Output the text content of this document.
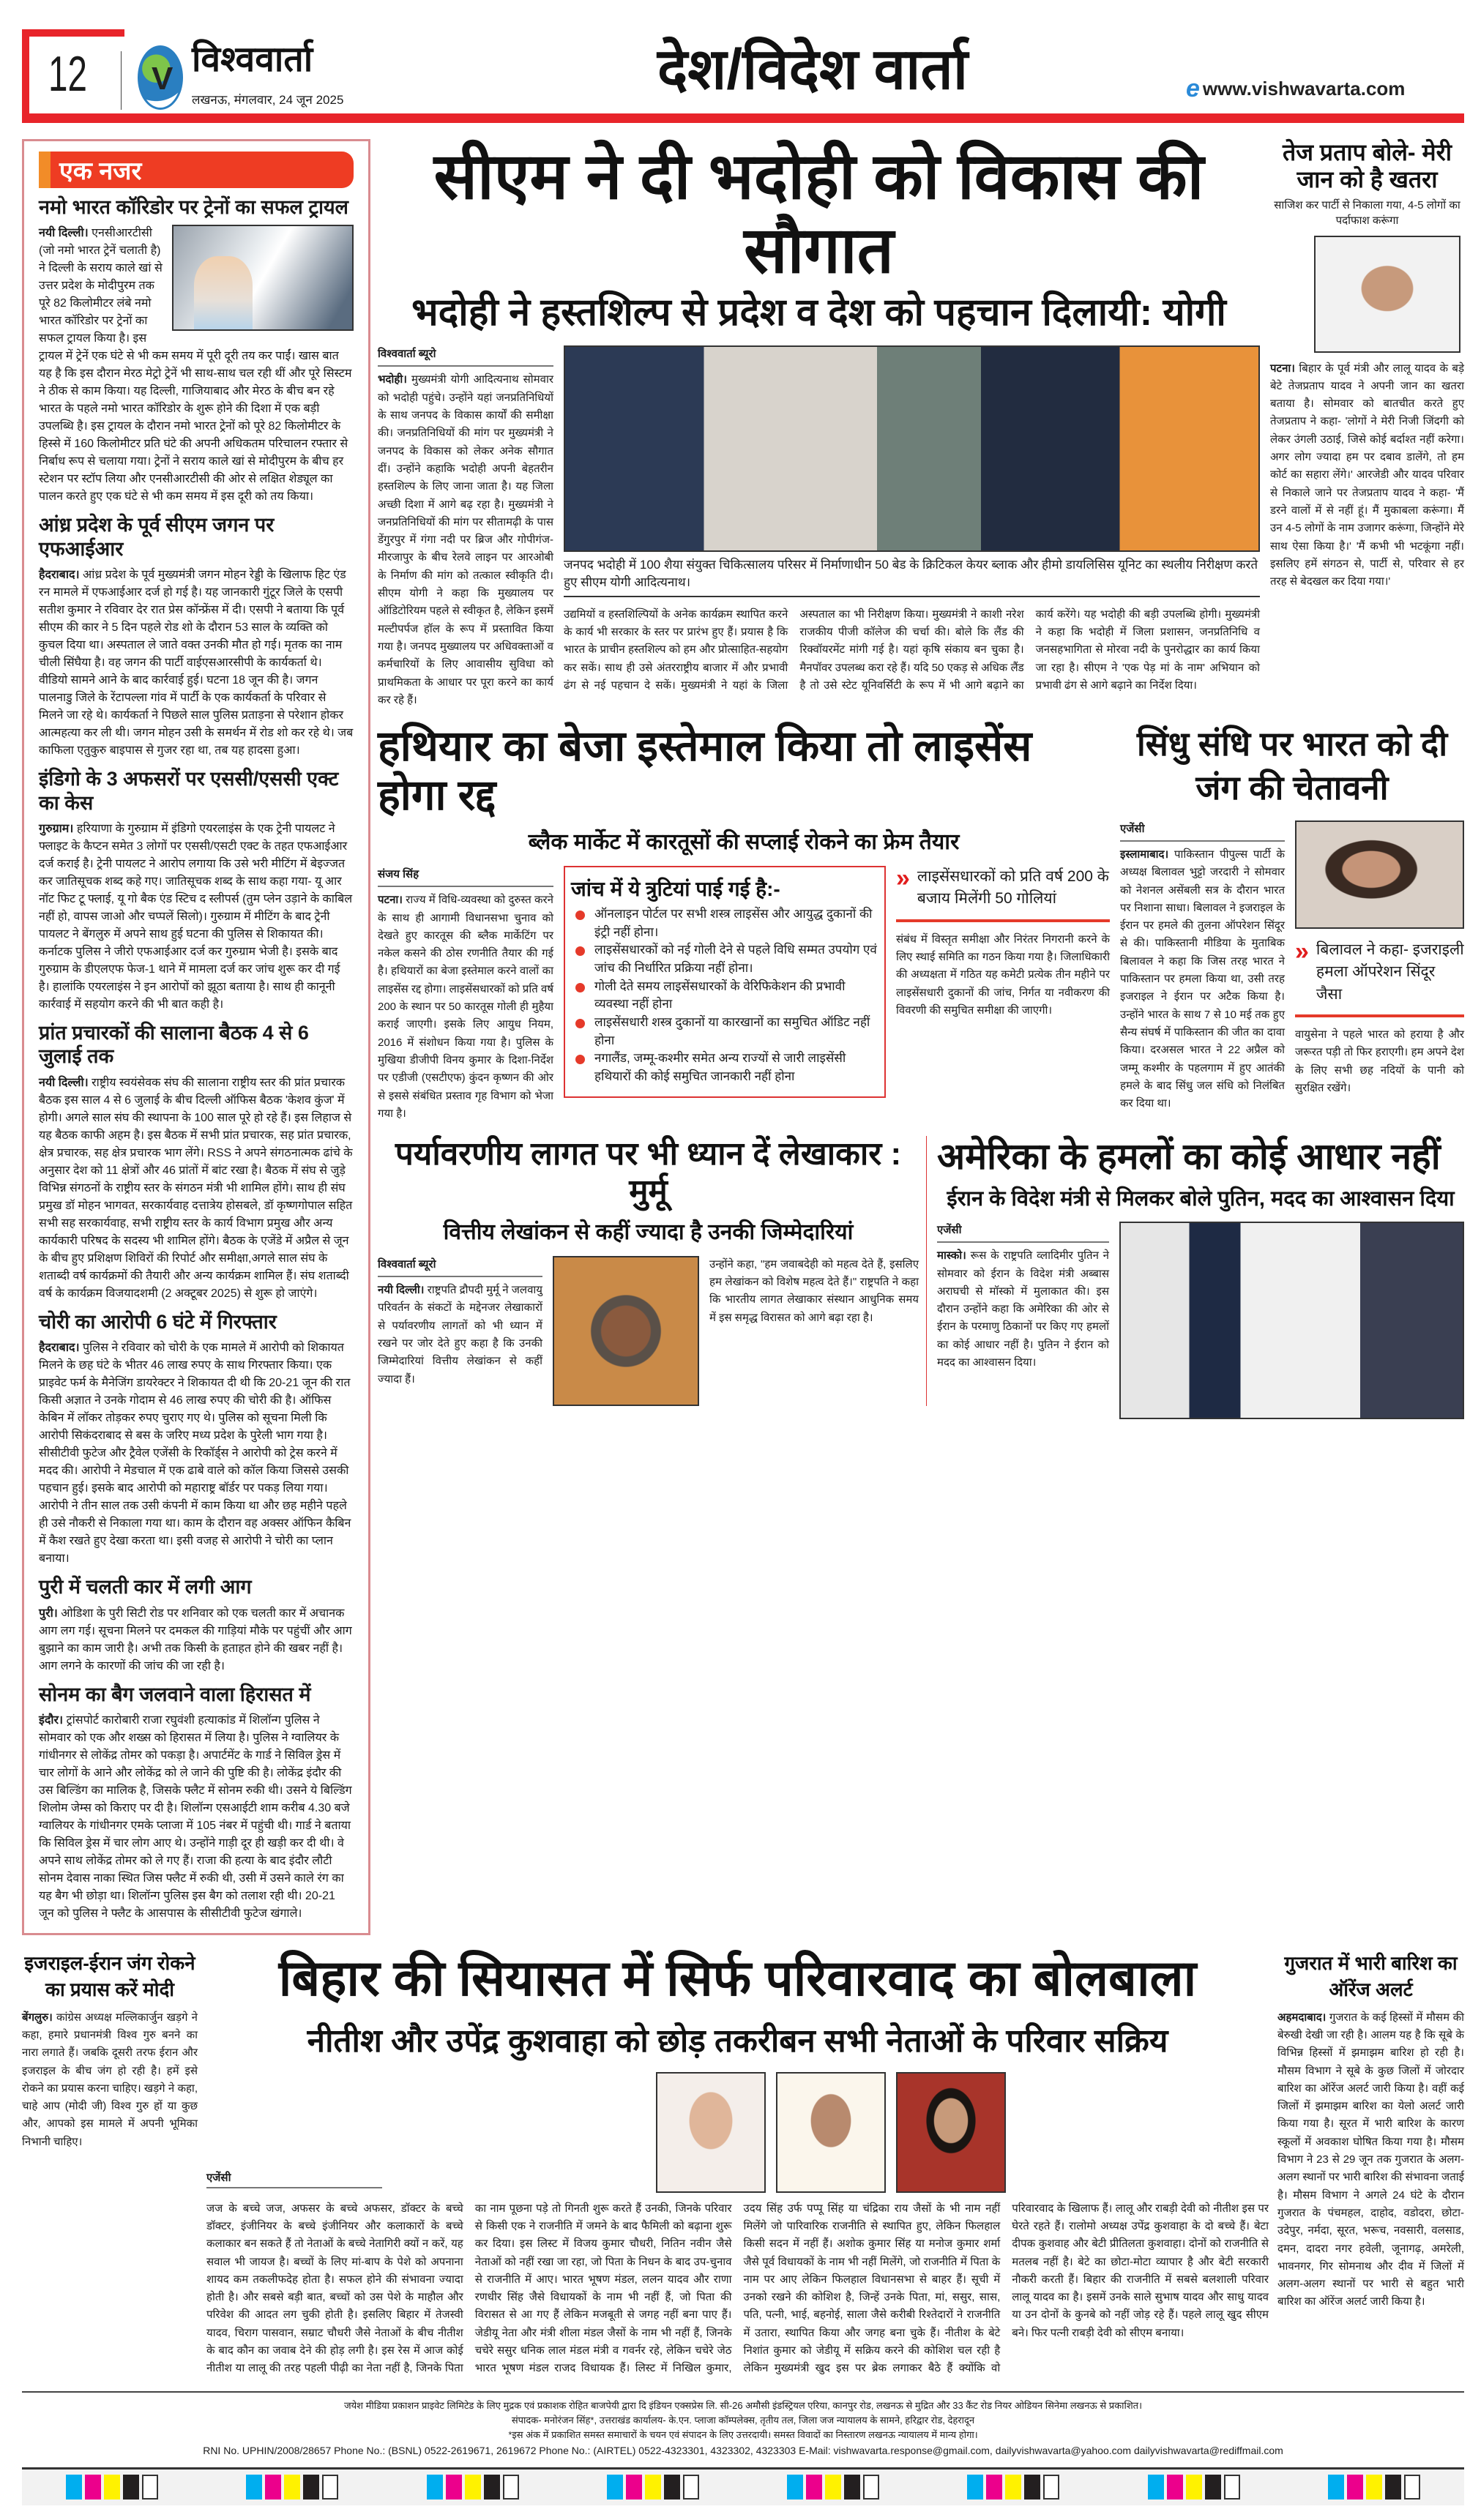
12 V विश्ववार्ता
लखनऊ, मंगलवार, 24 जून 2025	देश/विदेश वार्ता	e www.vishwavarta.com
एक नजर
नमो भारत कॉरिडोर पर ट्रेनों का सफल ट्रायल

नयी दिल्ली। एनसीआरटीसी (जो नमो भारत ट्रेनें चलाती है) ने दिल्ली के सराय काले खां से उत्तर प्रदेश के मोदीपुरम तक पूरे 82 किलोमीटर लंबे नमो भारत कॉरिडोर पर ट्रेनों का सफल ट्रायल किया है। इस ट्रायल में ट्रेनें एक घंटे से भी कम समय में पूरी दूरी तय कर पाईं। खास बात यह है कि इस दौरान मेरठ मेट्रो ट्रेनें भी साथ-साथ चल रही थीं और पूरे सिस्टम ने ठीक से काम किया। यह दिल्ली, गाजियाबाद और मेरठ के बीच बन रहे भारत के पहले नमो भारत कॉरिडोर के शुरू होने की दिशा में एक बड़ी उपलब्धि है। इस ट्रायल के दौरान नमो भारत ट्रेनों को पूरे 82 किलोमीटर के हिस्से में 160 किलोमीटर प्रति घंटे की अपनी अधिकतम परिचालन रफ्तार से निर्बाध रूप से चलाया गया। ट्रेनों ने सराय काले खां से मोदीपुरम के बीच हर स्टेशन पर स्टॉप लिया और एनसीआरटीसी की ओर से लक्षित शेड्यूल का पालन करते हुए एक घंटे से भी कम समय में इस दूरी को तय किया।

आंध्र प्रदेश के पूर्व सीएम जगन पर एफआईआर

हैदराबाद। आंध्र प्रदेश के पूर्व मुख्यमंत्री जगन मोहन रेड्डी के खिलाफ हिट एंड रन मामले में एफआईआर दर्ज हो गई है। यह जानकारी गुंटूर जिले के एसपी सतीश कुमार ने रविवार देर रात प्रेस कॉन्फ्रेंस में दी। एसपी ने बताया कि पूर्व सीएम की कार ने 5 दिन पहले रोड शो के दौरान 53 साल के व्यक्ति को कुचल दिया था। अस्पताल ले जाते वक्त उनकी मौत हो गई। मृतक का नाम चीली सिंघैया है। वह जगन की पार्टी वाईएसआरसीपी के कार्यकर्ता थे। वीडियो सामने आने के बाद कार्रवाई हुई। घटना 18 जून की है। जगन पालनाडु जिले के रेंटापल्ला गांव में पार्टी के एक कार्यकर्ता के परिवार से मिलने जा रहे थे। कार्यकर्ता ने पिछले साल पुलिस प्रताड़ना से परेशान होकर आत्महत्या कर ली थी। जगन मोहन उसी के समर्थन में रोड शो कर रहे थे। जब काफिला एतुकुरु बाइपास से गुजर रहा था, तब यह हादसा हुआ।

इंडिगो के 3 अफसरों पर एससी/एससी एक्ट का केस

गुरुग्राम। हरियाणा के गुरुग्राम में इंडिगो एयरलाइंस के एक ट्रेनी पायलट ने फ्लाइट के कैप्टन समेत 3 लोगों पर एससी/एसटी एक्ट के तहत एफआईआर दर्ज कराई है। ट्रेनी पायलट ने आरोप लगाया कि उसे भरी मीटिंग में बेइज्जत कर जातिसूचक शब्द कहे गए। जातिसूचक शब्द के साथ कहा गया- यू आर नॉट फिट टू फ्लाई, यू गो बैक एंड स्टिच द स्लीपर्स (तुम प्लेन उड़ाने के काबिल नहीं हो, वापस जाओ और चप्पलें सिलो)। गुरुग्राम में मीटिंग के बाद ट्रेनी पायलट ने बेंगलुरु में अपने साथ हुई घटना की पुलिस से शिकायत की। कर्नाटक पुलिस ने जीरो एफआईआर दर्ज कर गुरुग्राम भेजी है। इसके बाद गुरुग्राम के डीएलएफ फेज-1 थाने में मामला दर्ज कर जांच शुरू कर दी गई है। हालांकि एयरलाइंस ने इन आरोपों को झूठा बताया है। साथ ही कानूनी कार्रवाई में सहयोग करने की भी बात कही है।

प्रांत प्रचारकों की सालाना बैठक 4 से 6 जुलाई तक

नयी दिल्ली। राष्ट्रीय स्वयंसेवक संघ की सालाना राष्ट्रीय स्तर की प्रांत प्रचारक बैठक इस साल 4 से 6 जुलाई के बीच दिल्ली ऑफिस बैठक 'केशव कुंज' में होगी। अगले साल संघ की स्थापना के 100 साल पूरे हो रहे हैं। इस लिहाज से यह बैठक काफी अहम है। इस बैठक में सभी प्रांत प्रचारक, सह प्रांत प्रचारक, क्षेत्र प्रचारक, सह क्षेत्र प्रचारक भाग लेंगे। RSS ने अपने संगठनात्मक ढांचे के अनुसार देश को 11 क्षेत्रों और 46 प्रांतों में बांट रखा है। बैठक में संघ से जुड़े विभिन्न संगठनों के राष्ट्रीय स्तर के संगठन मंत्री भी शामिल होंगे। साथ ही संघ प्रमुख डॉ मोहन भागवत, सरकार्यवाह दत्तात्रेय होसबले, डॉ कृष्णगोपाल सहित सभी सह सरकार्यवाह, सभी राष्ट्रीय स्तर के कार्य विभाग प्रमुख और अन्य कार्यकारी परिषद के सदस्य भी शामिल होंगे। बैठक के एजेंडे में अप्रैल से जून के बीच हुए प्रशिक्षण शिविरों की रिपोर्ट और समीक्षा,अगले साल संघ के शताब्दी वर्ष कार्यक्रमों की तैयारी और अन्य कार्यक्रम शामिल हैं। संघ शताब्दी वर्ष के कार्यक्रम विजयादशमी (2 अक्टूबर 2025) से शुरू हो जाएंगे।

चोरी का आरोपी 6 घंटे में गिरफ्तार

हैदराबाद। पुलिस ने रविवार को चोरी के एक मामले में आरोपी को शिकायत मिलने के छह घंटे के भीतर 46 लाख रुपए के साथ गिरफ्तार किया। एक प्राइवेट फर्म के मैनेजिंग डायरेक्टर ने शिकायत दी थी कि 20-21 जून की रात किसी अज्ञात ने उनके गोदाम से 46 लाख रुपए की चोरी की है। ऑफिस केबिन में लॉकर तोड़कर रुपए चुराए गए थे। पुलिस को सूचना मिली कि आरोपी सिकंदराबाद से बस के जरिए मध्य प्रदेश के पुरेली भाग गया है। सीसीटीवी फुटेज और ट्रैवेल एजेंसी के रिकॉर्ड्स ने आरोपी को ट्रेस करने में मदद की। आरोपी ने मेडचाल में एक ढाबे वाले को कॉल किया जिससे उसकी पहचान हुई। इसके बाद आरोपी को महाराष्ट्र बॉर्डर पर पकड़ लिया गया। आरोपी ने तीन साल तक उसी कंपनी में काम किया था और छह महीने पहले ही उसे नौकरी से निकाला गया था। काम के दौरान वह अक्सर ऑफिन कैबिन में कैश रखते हुए देखा करता था। इसी वजह से आरोपी ने चोरी का प्लान बनाया।

पुरी में चलती कार में लगी आग

पुरी। ओडिशा के पुरी सिटी रोड पर शनिवार को एक चलती कार में अचानक आग लग गई। सूचना मिलने पर दमकल की गाड़ियां मौके पर पहुंचीं और आग बुझाने का काम जारी है। अभी तक किसी के हताहत होने की खबर नहीं है। आग लगने के कारणों की जांच की जा रही है।

सोनम का बैग जलवाने वाला हिरासत में

इंदौर। ट्रांसपोर्ट कारोबारी राजा रघुवंशी हत्याकांड में शिलॉन्ग पुलिस ने सोमवार को एक और शख्स को हिरासत में लिया है। पुलिस ने ग्वालियर के गांधीनगर से लोकेंद्र तोमर को पकड़ा है। अपार्टमेंट के गार्ड ने सिविल ड्रेस में चार लोगों के आने और लोकेंद्र को ले जाने की पुष्टि की है। लोकेंद्र इंदौर की उस बिल्डिंग का मालिक है, जिसके फ्लैट में सोनम रुकी थी। उसने ये बिल्डिंग शिलोम जेम्स को किराए पर दी है। शिलॉन्ग एसआईटी शाम करीब 4.30 बजे ग्वालियर के गांधीनगर एमके प्लाजा में 105 नंबर में पहुंची थी। गार्ड ने बताया कि सिविल ड्रेस में चार लोग आए थे। उन्होंने गाड़ी दूर ही खड़ी कर दी थी। वे अपने साथ लोकेंद्र तोमर को ले गए हैं। राजा की हत्या के बाद इंदौर लौटी सोनम देवास नाका स्थित जिस फ्लैट में रुकी थी, उसी में उसने काले रंग का यह बैग भी छोड़ा था। शिलॉन्ग पुलिस इस बैग को तलाश रही थी। 20-21 जून को पुलिस ने फ्लैट के आसपास के सीसीटीवी फुटेज खंगाले।

सीएम ने दी भदोही को विकास की सौगात
भदोही ने हस्तशिल्प से प्रदेश व देश को पहचान दिलायी: योगी
विश्ववार्ता ब्यूरो
भदोही। मुख्यमंत्री योगी आदित्यनाथ सोमवार को भदोही पहुंचे। उन्होंने यहां जनप्रतिनिधियों के साथ जनपद के विकास कार्यों की समीक्षा की। जनप्रतिनिधियों की मांग पर मुख्यमंत्री ने जनपद के विकास को लेकर अनेक सौगात दीं। उन्होंने कहाकि भदोही अपनी बेहतरीन हस्तशिल्प के लिए जाना जाता है। यह जिला अच्छी दिशा में आगे बढ़ रहा है। मुख्यमंत्री ने जनप्रतिनिधियों की मांग पर सीतामढ़ी के पास डेंगुरपुर में गंगा नदी पर ब्रिज और गोपीगंज-मीरजापुर के बीच रेलवे लाइन पर आरओबी के निर्माण की मांग को तत्काल स्वीकृति दी। सीएम योगी ने कहा कि मुख्यालय पर ऑडिटोरियम पहले से स्वीकृत है, लेकिन इसमें मल्टीपर्पज हॉल के रूप में प्रस्तावित किया गया है। जनपद मुख्यालय पर अधिवक्ताओं व कर्मचारियों के लिए आवासीय सुविधा को प्राथमिकता के आधार पर पूरा करने का कार्य कर रहे हैं।
जनपद भदोही में 100 शैया संयुक्त चिकित्सालय परिसर में निर्माणाधीन 50 बेड के क्रिटिकल केयर ब्लाक और हीमो डायलिसिस यूनिट का स्थलीय निरीक्षण करते हुए सीएम योगी आदित्यनाथ।
उद्यमियों व हस्तशिल्पियों के अनेक कार्यक्रम स्थापित करने के कार्य भी सरकार के स्तर पर प्रारंभ हुए हैं। प्रयास है कि भारत के प्राचीन हस्तशिल्प को हम और प्रोत्साहित-सहयोग कर सकें। साथ ही उसे अंतरराष्ट्रीय बाजार में और प्रभावी ढंग से नई पहचान दे सकें। मुख्यमंत्री ने यहां के जिला अस्पताल का भी निरीक्षण किया। मुख्यमंत्री ने काशी नरेश राजकीय पीजी कॉलेज की चर्चा की। बोले कि लैंड की रिक्वॉयरमेंट मांगी गई है। यहां कृषि संकाय बन चुका है। मैनपॉवर उपलब्ध करा रहे हैं। यदि 50 एकड़ से अधिक लैंड है तो उसे स्टेट यूनिवर्सिटी के रूप में भी आगे बढ़ाने का कार्य करेंगे। यह भदोही की बड़ी उपलब्धि होगी। मुख्यमंत्री ने कहा कि भदोही में जिला प्रशासन, जनप्रतिनिधि व जनसहभागिता से मोरवा नदी के पुनरोद्धार का कार्य किया जा रहा है। सीएम ने 'एक पेड़ मां के नाम' अभियान को प्रभावी ढंग से आगे बढ़ाने का निर्देश दिया।
तेज प्रताप बोले- मेरी जान को है खतरा
साजिश कर पार्टी से निकाला गया, 4-5 लोगों का पर्दाफाश करूंगा
पटना। बिहार के पूर्व मंत्री और लालू यादव के बड़े बेटे तेजप्रताप यादव ने अपनी जान का खतरा बताया है। सोमवार को बातचीत करते हुए तेजप्रताप ने कहा- 'लोगों ने मेरी निजी जिंदगी को लेकर उंगली उठाई, जिसे कोई बर्दाश्त नहीं करेगा। अगर लोग ज्यादा हम पर दबाव डालेंगे, तो हम कोर्ट का सहारा लेंगे।' आरजेडी और यादव परिवार से निकाले जाने पर तेजप्रताप यादव ने कहा- 'मैं डरने वालों में से नहीं हूं। मैं मुकाबला करूंगा। मैं उन 4-5 लोगों के नाम उजागर करूंगा, जिन्होंने मेरे साथ ऐसा किया है।' 'मैं कभी भी भटकूंगा नहीं। इसलिए हमें संगठन से, पार्टी से, परिवार से हर तरह से बेदखल कर दिया गया।'
हथियार का बेजा इस्तेमाल किया तो लाइसेंस होगा रद्द
ब्लैक मार्केट में कारतूसों की सप्लाई रोकने का फ्रेम तैयार
संजय सिंह
पटना। राज्य में विधि-व्यवस्था को दुरुस्त करने के साथ ही आगामी विधानसभा चुनाव को देखते हुए कारतूस की ब्लैक मार्केटिंग पर नकेल कसने की ठोस रणनीति तैयार की गई है। हथियारों का बेजा इस्तेमाल करने वालों का लाइसेंस रद्द होगा। लाइसेंसधारकों को प्रति वर्ष 200 के स्थान पर 50 कारतूस गोली ही मुहैया कराई जाएगी। इसके लिए आयुध नियम, 2016 में संशोधन किया गया है। पुलिस के मुखिया डीजीपी विनय कुमार के दिशा-निर्देश पर एडीजी (एसटीएफ) कुंदन कृष्णन की ओर से इससे संबंधित प्रस्ताव गृह विभाग को भेजा गया है।
जांच में ये त्रुटियां पाई गई है:-
ऑनलाइन पोर्टल पर सभी शस्त्र लाइसेंस और आयुद्ध दुकानों की इंट्री नहीं होना।
लाइसेंसधारकों को नई गोली देने से पहले विधि सम्मत उपयोग एवं जांच की निर्धारित प्रक्रिया नहीं होना।
गोली देते समय लाइसेंसधारकों के वेरिफिकेशन की प्रभावी व्यवस्था नहीं होना
लाइसेंसधारी शस्त्र दुकानों या कारखानों का समुचित ऑडिट नहीं होना
नगालैंड, जम्मू-कश्मीर समेत अन्य राज्यों से जारी लाइसेंसी हथियारों की कोई समुचित जानकारी नहीं होना
» लाइसेंसधारकों को प्रति वर्ष 200 के बजाय मिलेंगी 50 गोलियां
संबंध में विस्तृत समीक्षा और निरंतर निगरानी करने के लिए स्थाई समिति का गठन किया गया है। जिलाधिकारी की अध्यक्षता में गठित यह कमेटी प्रत्येक तीन महीने पर लाइसेंसधारी दुकानों की जांच, निर्गत या नवीकरण की विवरणी की समुचित समीक्षा की जाएगी।
सिंधु संधि पर भारत को दी जंग की चेतावनी
एजेंसी
इस्लामाबाद। पाकिस्तान पीपुल्स पार्टी के अध्यक्ष बिलावल भुट्टो जरदारी ने सोमवार को नेशनल असेंबली सत्र के दौरान भारत पर निशाना साधा। बिलावल ने इजराइल के ईरान पर हमले की तुलना ऑपरेशन सिंदूर से की। पाकिस्तानी मीडिया के मुताबिक बिलावल ने कहा कि जिस तरह भारत ने पाकिस्तान पर हमला किया था, उसी तरह इजराइल ने ईरान पर अटैक किया है। उन्होंने भारत के साथ 7 से 10 मई तक हुए सैन्य संघर्ष में पाकिस्तान की जीत का दावा किया। दरअसल भारत ने 22 अप्रैल को जम्मू कश्मीर के पहलगाम में हुए आतंकी हमले के बाद सिंधु जल संधि को निलंबित कर दिया था।
» बिलावल ने कहा- इजराइली हमला ऑपरेशन सिंदूर जैसा
वायुसेना ने पहले भारत को हराया है और जरूरत पड़ी तो फिर हराएगी। हम अपने देश के लिए सभी छह नदियों के पानी को सुरक्षित रखेंगे।
पर्यावरणीय लागत पर भी ध्यान दें लेखाकार : मुर्मू
वित्तीय लेखांकन से कहीं ज्यादा है उनकी जिम्मेदारियां
विश्ववार्ता ब्यूरो
नयी दिल्ली। राष्ट्रपति द्रौपदी मुर्मू ने जलवायु परिवर्तन के संकटों के मद्देनजर लेखाकारों से पर्यावरणीय लागतों को भी ध्यान में रखने पर जोर देते हुए कहा है कि उनकी जिम्मेदारियां वित्तीय लेखांकन से कहीं ज्यादा हैं।
उन्होंने कहा, "हम जवाबदेही को महत्व देते हैं, इसलिए हम लेखांकन को विशेष महत्व देते हैं।" राष्ट्रपति ने कहा कि भारतीय लागत लेखाकार संस्थान आधुनिक समय में इस समृद्ध विरासत को आगे बढ़ा रहा है।
अमेरिका के हमलों का कोई आधार नहीं
ईरान के विदेश मंत्री से मिलकर बोले पुतिन, मदद का आश्वासन दिया
एजेंसी
मास्को। रूस के राष्ट्रपति व्लादिमीर पुतिन ने सोमवार को ईरान के विदेश मंत्री अब्बास अराघची से मॉस्को में मुलाकात की। इस दौरान उन्होंने कहा कि अमेरिका की ओर से ईरान के परमाणु ठिकानों पर किए गए हमलों का कोई आधार नहीं है। पुतिन ने ईरान को मदद का आश्वासन दिया।
इजराइल-ईरान जंग रोकने का प्रयास करें मोदी
बेंगलुरु। कांग्रेस अध्यक्ष मल्लिकार्जुन खड़गे ने कहा, हमारे प्रधानमंत्री विश्व गुरु बनने का नारा लगाते हैं। जबकि दूसरी तरफ ईरान और इजराइल के बीच जंग हो रही है। हमें इसे रोकने का प्रयास करना चाहिए। खड़गे ने कहा, चाहे आप (मोदी जी) विश्व गुरु हों या कुछ और, आपको इस मामले में अपनी भूमिका निभानी चाहिए।
बिहार की सियासत में सिर्फ परिवारवाद का बोलबाला
नीतीश और उपेंद्र कुशवाहा को छोड़ तकरीबन सभी नेताओं के परिवार सक्रिय
एजेंसी
जज के बच्चे जज, अफसर के बच्चे अफसर, डॉक्टर के बच्चे डॉक्टर, इंजीनियर के बच्चे इंजीनियर और कलाकारों के बच्चे कलाकार बन सकते हैं तो नेताओं के बच्चे नेतागिरी क्यों न करें, यह सवाल भी जायज है। बच्चों के लिए मां-बाप के पेशे को अपनाना शायद कम तकलीफदेह होता है। सफल होने की संभावना ज्यादा होती है। और सबसे बड़ी बात, बच्चों को उस पेशे के माहौल और परिवेश की आदत लग चुकी होती है। इसलिए बिहार में तेजस्वी यादव, चिराग पासवान, सम्राट चौधरी जैसे नेताओं के बीच नीतीश के बाद कौन का जवाब देने की होड़ लगी है। इस रेस में आज कोई नीतीश या लालू की तरह पहली पीढ़ी का नेता नहीं है, जिनके पिता का नाम पूछना पड़े तो गिनती शुरू करते हैं उनकी, जिनके परिवार से किसी एक ने राजनीति में जमने के बाद फैमिली को बढ़ाना शुरू कर दिया। इस लिस्ट में विजय कुमार चौधरी, नितिन नवीन जैसे नेताओं को नहीं रखा जा रहा, जो पिता के निधन के बाद उप-चुनाव से राजनीति में आए। भारत भूषण मंडल, ललन यादव और राणा रणधीर सिंह जैसे विधायकों के नाम भी नहीं हैं, जो पिता की विरासत से आ गए हैं लेकिन मजबूती से जगह नहीं बना पाए हैं। जेडीयू नेता और मंत्री शीला मंडल जैसों के नाम भी नहीं हैं, जिनके चचेरे ससुर धनिक लाल मंडल मंत्री व गवर्नर रहे, लेकिन चचेरे जेठ भारत भूषण मंडल राजद विधायक हैं। लिस्ट में निखिल कुमार, उदय सिंह उर्फ पप्पू सिंह या चंद्रिका राय जैसों के भी नाम नहीं मिलेंगे जो पारिवारिक राजनीति से स्थापित हुए, लेकिन फिलहाल किसी सदन में नहीं हैं। अशोक कुमार सिंह या मनोज कुमार शर्मा जैसे पूर्व विधायकों के नाम भी नहीं मिलेंगे, जो राजनीति में पिता के नाम पर आए लेकिन फिलहाल विधानसभा से बाहर हैं। सूची में उनको रखने की कोशिश है, जिन्हें उनके पिता, मां, ससुर, सास, पति, पत्नी, भाई, बहनोई, साला जैसे करीबी रिश्तेदारों ने राजनीति में उतारा, स्थापित किया और जगह बना चुके हैं। नीतीश के बेटे निशांत कुमार को जेडीयू में सक्रिय करने की कोशिश चल रही है लेकिन मुख्यमंत्री खुद इस पर ब्रेक लगाकर बैठे हैं क्योंकि वो परिवारवाद के खिलाफ हैं। लालू और राबड़ी देवी को नीतीश इस पर घेरते रहते हैं। रालोमो अध्यक्ष उपेंद्र कुशवाहा के दो बच्चे हैं। बेटा दीपक कुशवाह और बेटी प्रीतिलता कुशवाहा। दोनों को राजनीति से मतलब नहीं है। बेटे का छोटा-मोटा व्यापार है और बेटी सरकारी नौकरी करती हैं। बिहार की राजनीति में सबसे बलशाली परिवार लालू यादव का है। इसमें उनके साले सुभाष यादव और साधु यादव या उन दोनों के कुनबे को नहीं जोड़ रहे हैं। पहले लालू खुद सीएम बने। फिर पत्नी राबड़ी देवी को सीएम बनाया।
गुजरात में भारी बारिश का ऑरेंज अलर्ट
अहमदाबाद। गुजरात के कई हिस्सों में मौसम की बेरुखी देखी जा रही है। आलम यह है कि सूबे के विभिन्न हिस्सों में झमाझम बारिश हो रही है। मौसम विभाग ने सूबे के कुछ जिलों में जोरदार बारिश का ऑरेंज अलर्ट जारी किया है। वहीं कई जिलों में झमाझम बारिश का येलो अलर्ट जारी किया गया है। सूरत में भारी बारिश के कारण स्कूलों में अवकाश घोषित किया गया है। मौसम विभाग ने 23 से 29 जून तक गुजरात के अलग-अलग स्थानों पर भारी बारिश की संभावना जताई है। मौसम विभाग ने अगले 24 घंटे के दौरान गुजरात के पंचमहल, दाहोद, वडोदरा, छोटा-उदेपुर, नर्मदा, सूरत, भरूच, नवसारी, वलसाड, दमन, दादरा नगर हवेली, जूनागढ़, अमरेली, भावनगर, गिर सोमनाथ और दीव में जिलों में अलग-अलग स्थानों पर भारी से बहुत भारी बारिश का ऑरेंज अलर्ट जारी किया है।
जयेश मीडिया प्रकाशन प्राइवेट लिमिटेड के लिए मुद्रक एवं प्रकाशक रोहित बाजपेयी द्वारा दि इंडियन एक्सप्रेस लि. सी-26 अमौसी इंडस्ट्रियल एरिया, कानपुर रोड, लखनऊ से मुद्रित और 33 कैंट रोड नियर ओडियन सिनेमा लखनऊ से प्रकाशित।
संपादक- मनोरंजन सिंह*, उत्तराखंड कार्यालय- के.एन. प्लाजा कॉम्पलेक्स, तृतीय तल, जिला जज न्यायालय के सामने, हरिद्वार रोड, देहरादून
*इस अंक में प्रकाशित समस्त समाचारों के चयन एवं संपादन के लिए उत्तरदायी। समस्त विवादों का निस्तारण लखनऊ न्यायालय में मान्य होगा।
RNI No. UPHIN/2008/28657 Phone No.: (BSNL) 0522-2619671, 2619672 Phone No.: (AIRTEL) 0522-4323301, 4323302, 4323303 E-Mail: vishwavarta.response@gmail.com, dailyvishwavarta@yahoo.com dailyvishwavarta@rediffmail.com
